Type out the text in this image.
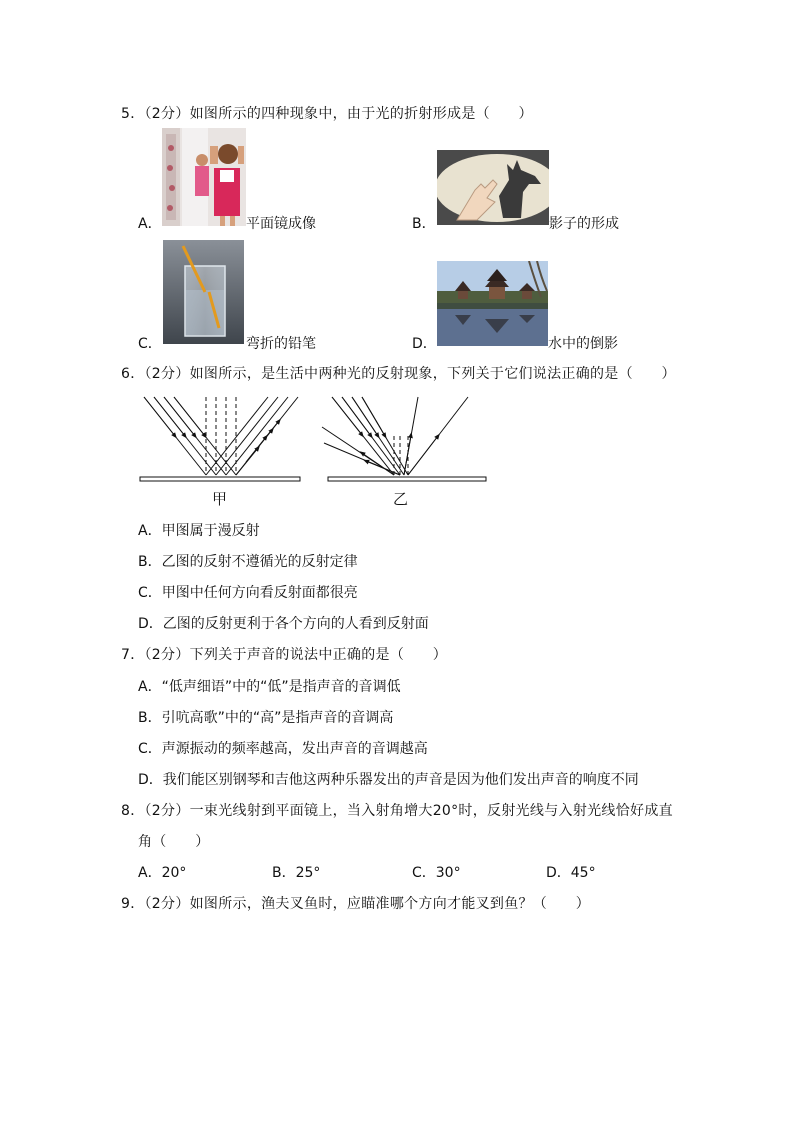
5．（2分）如图所示的四种现象中，由于光的折射形成是（　　）
A．	平面镜成像	B．	影子的形成
C．	弯折的铅笔	D．	水中的倒影
6．（2分）如图所示，是生活中两种光的反射现象，下列关于它们说法正确的是（　　）
甲	乙
A．甲图属于漫反射
B．乙图的反射不遵循光的反射定律
C．甲图中任何方向看反射面都很亮
D．乙图的反射更利于各个方向的人看到反射面
7．（2分）下列关于声音的说法中正确的是（　　）
A．“低声细语”中的“低”是指声音的音调低
B．引吭高歌”中的“高”是指声音的音调高
C．声源振动的频率越高，发出声音的音调越高
D．我们能区别钢琴和吉他这两种乐器发出的声音是因为他们发出声音的响度不同
8．（2分）一束光线射到平面镜上，当入射角增大20°时，反射光线与入射光线恰好成直
角（　　）
A．20°	B．25°	C．30°	D．45°
9．（2分）如图所示，渔夫叉鱼时，应瞄准哪个方向才能叉到鱼？（　　）
